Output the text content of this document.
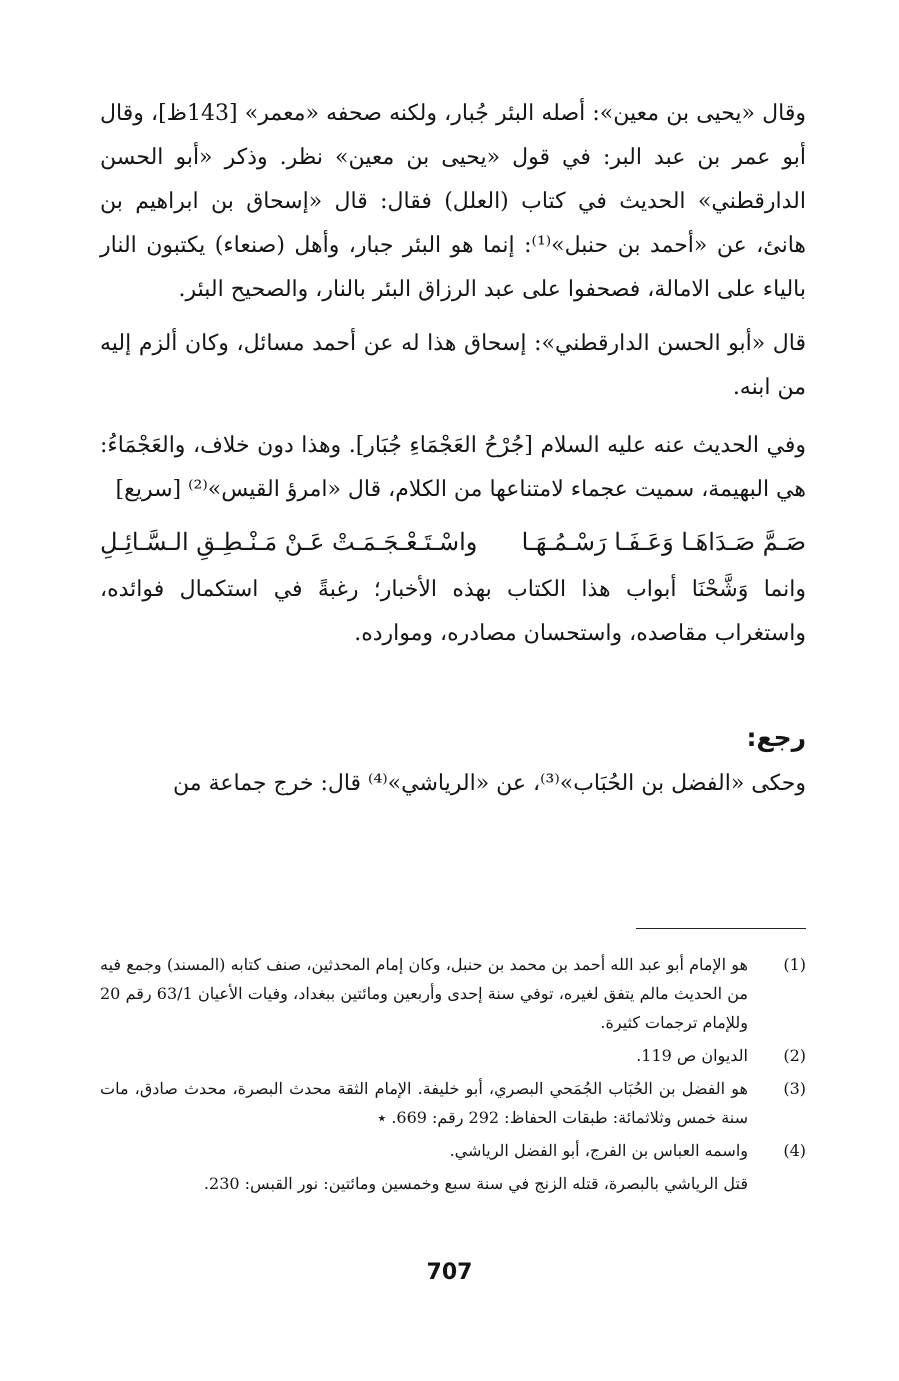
وقال «يحيى بن معين»: أصله البئر جُبار، ولكنه صحفه «معمر» [143ظ]، وقال أبو عمر بن عبد البر: في قول «يحيى بن معين» نظر. وذكر «أبو الحسن الدارقطني» الحديث في كتاب (العلل) فقال: قال «إسحاق بن ابراهيم بن هانئ، عن «أحمد بن حنبل»⁽¹⁾: إنما هو البئر جبار، وأهل (صنعاء) يكتبون النار بالياء على الامالة، فصحفوا على عبد الرزاق البئر بالنار، والصحيح البئر.

قال «أبو الحسن الدارقطني»: إسحاق هذا له عن أحمد مسائل، وكان ألزم إليه من ابنه.

وفي الحديث عنه عليه السلام [جُرْحُ العَجْمَاءِ جُبَار]. وهذا دون خلاف، والعَجْمَاءُ: هي البهيمة، سميت عجماء لامتناعها من الكلام، قال «امرؤ القيس»⁽²⁾ [سريع]

صَـمَّ صَـدَاهَـا وَعَـفَـا رَسْـمُـهَـا
واسْـتَـعْـجَـمَـتْ عَـنْ مَـنْـطِـقِ الـسَّـائِـلِ

وانما وَشَّحْنَا أبواب هذا الكتاب بهذه الأخبار؛ رغبةً في استكمال فوائده، واستغراب مقاصده، واستحسان مصادره، وموارده.

رجع:

وحكى «الفضل بن الحُبَاب»⁽³⁾، عن «الرياشي»⁽⁴⁾ قال: خرج جماعة من

(1)
هو الإمام أبو عبد الله أحمد بن محمد بن حنبل، وكان إمام المحدثين، صنف كتابه (المسند) وجمع فيه من الحديث مالم يتفق لغيره، توفي سنة إحدى وأربعين ومائتين ببغداد، وفيات الأعيان 63/1 رقم 20 وللإمام ترجمات كثيرة.
(2)
الديوان ص 119.
(3)
هو الفضل بن الحُبَاب الجُمَحي البصري، أبو خليفة. الإمام الثقة محدث البصرة، محدث صادق، مات سنة خمس وثلاثمائة: طبقات الحفاظ: 292 رقم: 669. ٭
(4)
واسمه العباس بن الفرج، أبو الفضل الرياشي.
قتل الرياشي بالبصرة، قتله الزنج في سنة سبع وخمسين ومائتين: نور القبس: 230.
707
